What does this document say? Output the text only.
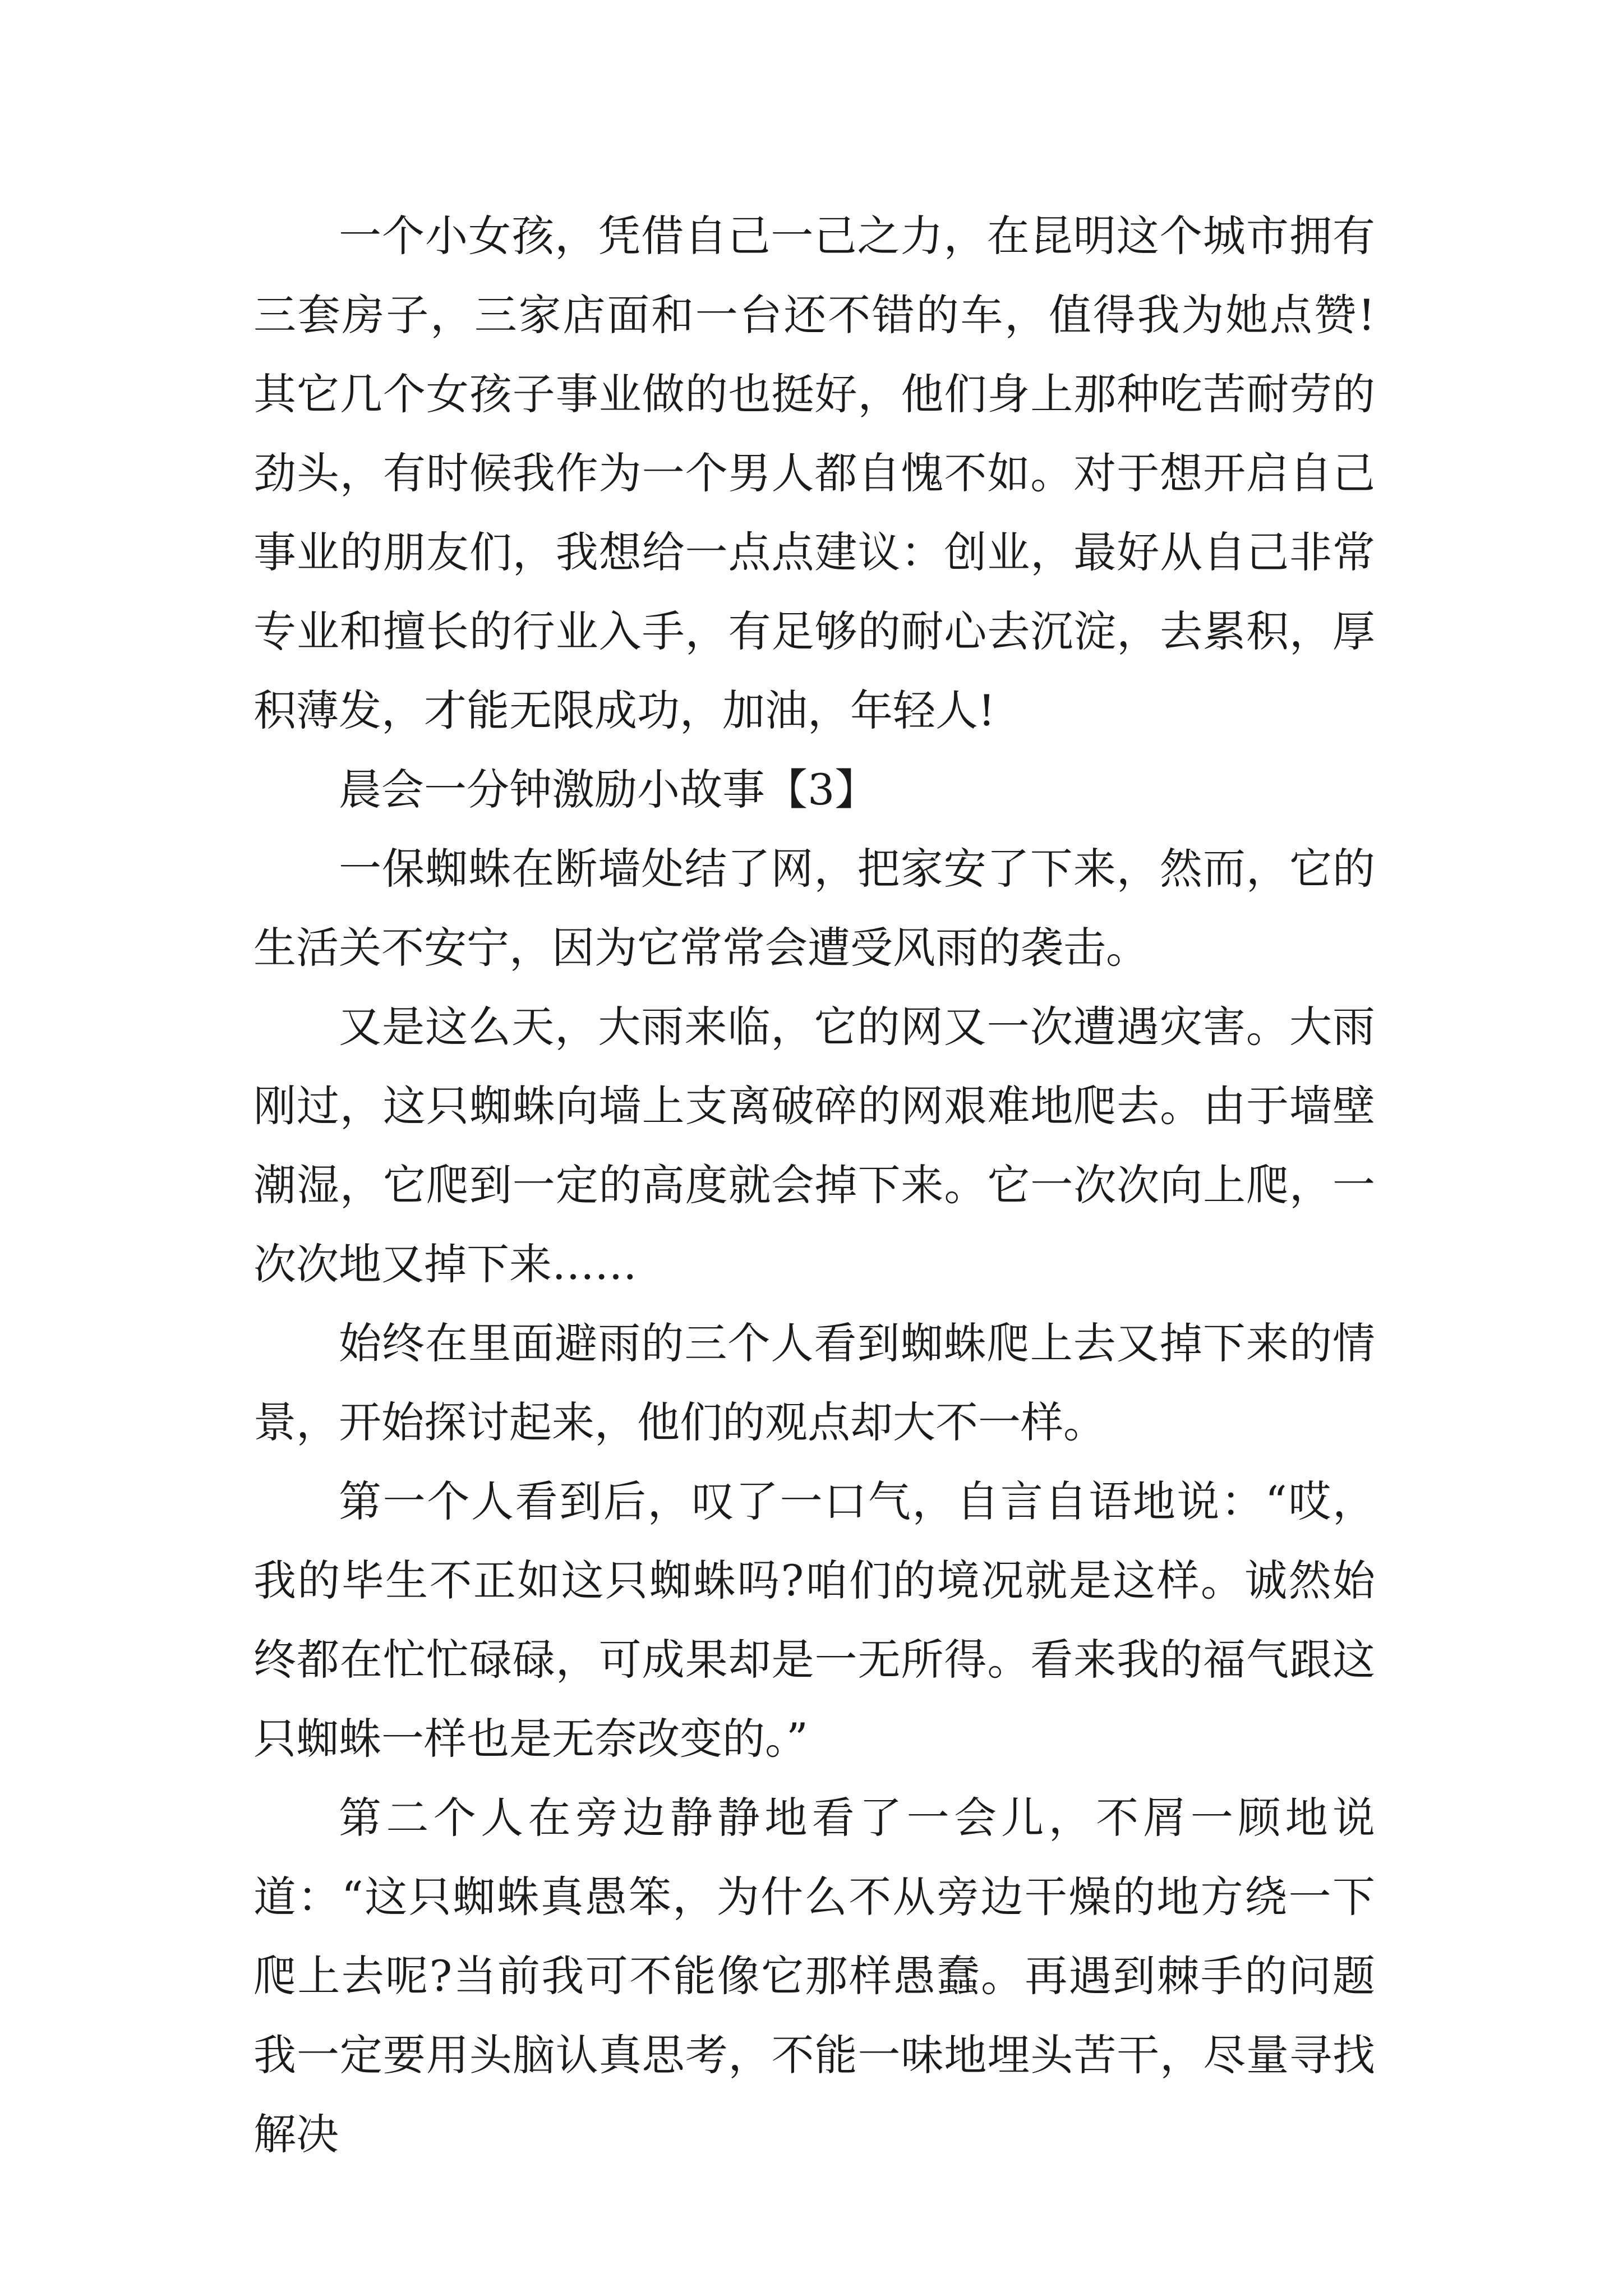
一个小女孩，凭借自己一己之力，在昆明这个城市拥有三套房子，三家店面和一台还不错的车，值得我为她点赞!其它几个女孩子事业做的也挺好，他们身上那种吃苦耐劳的劲头，有时候我作为一个男人都自愧不如。对于想开启自己事业的朋友们，我想给一点点建议：创业，最好从自己非常专业和擅长的行业入手，有足够的耐心去沉淀，去累积，厚积薄发，才能无限成功，加油，年轻人!

晨会一分钟激励小故事【3】

一保蜘蛛在断墙处结了网，把家安了下来，然而，它的生活关不安宁，因为它常常会遭受风雨的袭击。

又是这么天，大雨来临，它的网又一次遭遇灾害。大雨刚过，这只蜘蛛向墙上支离破碎的网艰难地爬去。由于墙壁潮湿，它爬到一定的高度就会掉下来。它一次次向上爬，一次次地又掉下来……

始终在里面避雨的三个人看到蜘蛛爬上去又掉下来的情景，开始探讨起来，他们的观点却大不一样。

第一个人看到后，叹了一口气，自言自语地说：“哎，我的毕生不正如这只蜘蛛吗?咱们的境况就是这样。诚然始终都在忙忙碌碌，可成果却是一无所得。看来我的福气跟这只蜘蛛一样也是无奈改变的。”

第二个人在旁边静静地看了一会儿，不屑一顾地说道：“这只蜘蛛真愚笨，为什么不从旁边干燥的地方绕一下爬上去呢?当前我可不能像它那样愚蠢。再遇到棘手的问题我一定要用头脑认真思考，不能一味地埋头苦干，尽量寻找解决
